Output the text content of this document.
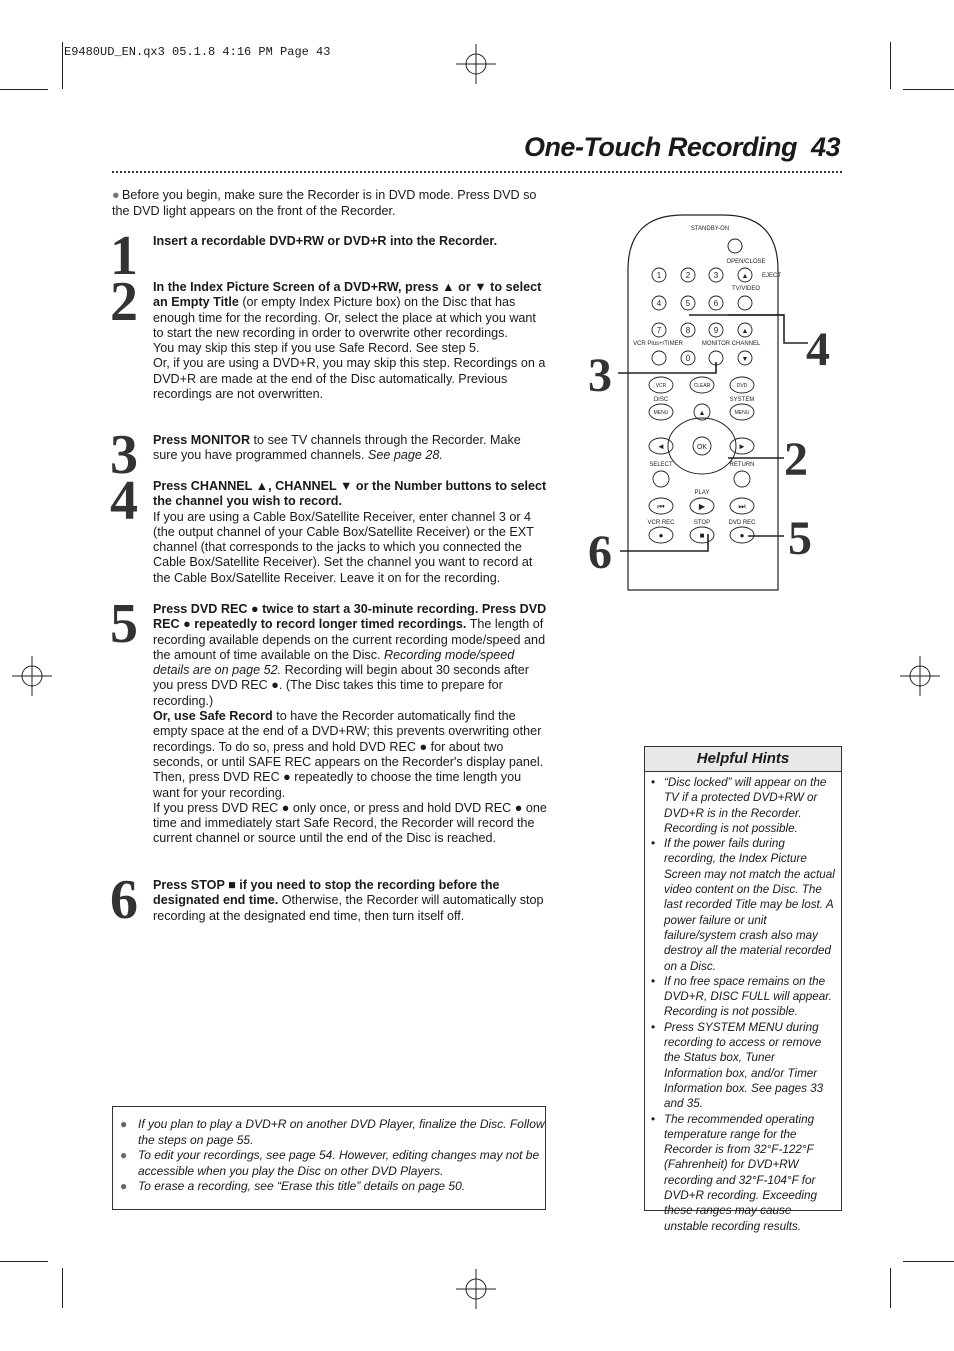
E9480UD_EN.qx3 05.1.8 4:16 PM Page 43
One-Touch Recording 43
● Before you begin, make sure the Recorder is in DVD mode. Press DVD so the DVD light appears on the front of the Recorder.
1 Insert a recordable DVD+RW or DVD+R into the Recorder.
2 In the Index Picture Screen of a DVD+RW, press ▲ or ▼ to select an Empty Title (or empty Index Picture box) on the Disc that has enough time for the recording. Or, select the place at which you want to start the new recording in order to overwrite other recordings.
You may skip this step if you use Safe Record. See step 5.
Or, if you are using a DVD+R, you may skip this step. Recordings on a DVD+R are made at the end of the Disc automatically. Previous recordings are not overwritten.
3 Press MONITOR to see TV channels through the Recorder. Make sure you have programmed channels. See page 28.
4 Press CHANNEL ▲, CHANNEL ▼ or the Number buttons to select the channel you wish to record.
If you are using a Cable Box/Satellite Receiver, enter channel 3 or 4 (the output channel of your Cable Box/Satellite Receiver) or the EXT channel (that corresponds to the jacks to which you connected the Cable Box/Satellite Receiver). Set the channel you want to record at the Cable Box/Satellite Receiver. Leave it on for the recording.
5 Press DVD REC ● twice to start a 30-minute recording. Press DVD REC ● repeatedly to record longer timed recordings. The length of recording available depends on the current recording mode/speed and the amount of time available on the Disc. Recording mode/speed details are on page 52. Recording will begin about 30 seconds after you press DVD REC ●. (The Disc takes this time to prepare for recording.)
Or, use Safe Record to have the Recorder automatically find the empty space at the end of a DVD+RW; this prevents overwriting other recordings. To do so, press and hold DVD REC ● for about two seconds, or until SAFE REC appears on the Recorder's display panel. Then, press DVD REC ● repeatedly to choose the time length you want for your recording.
If you press DVD REC ● only once, or press and hold DVD REC ● one time and immediately start Safe Record, the Recorder will record the current channel or source until the end of the Disc is reached.
6 Press STOP ■ if you need to stop the recording before the designated end time. Otherwise, the Recorder will automatically stop recording at the designated end time, then turn itself off.
STANDBY-ON
OPEN/CLOSE
EJECT
TV/VIDEO
VCR Plus+/TIMER	MONITOR CHANNEL
1	2	3
4	5	6
7	8	9
0
▲
▲
▼
VCR	CLEAR	DVD
MENU	MENU
▲
◄	►
OK
⏮	▶	⏭
●	■	●
DISC	SYSTEM
SELECT	RETURN
PLAY
VCR REC	STOP	DVD REC
4
3
2
6	5
Helpful Hints
• “Disc locked” will appear on the TV if a protected DVD+RW or DVD+R is in the Recorder. Recording is not possible.
• If the power fails during recording, the Index Picture Screen may not match the actual video content on the Disc. The last recorded Title may be lost. A power failure or unit failure/system crash also may destroy all the material recorded on a Disc.
• If no free space remains on the DVD+R, DISC FULL will appear. Recording is not possible.
• Press SYSTEM MENU during recording to access or remove the Status box, Tuner Information box, and/or Timer Information box. See pages 33 and 35.
• The recommended operating temperature range for the Recorder is from 32°F-122°F (Fahrenheit) for DVD+RW recording and 32°F-104°F for DVD+R recording. Exceeding these ranges may cause unstable recording results.
● If you plan to play a DVD+R on another DVD Player, finalize the Disc. Follow the steps on page 55.
● To edit your recordings, see page 54. However, editing changes may not be accessible when you play the Disc on other DVD Players.
● To erase a recording, see “Erase this title” details on page 50.
